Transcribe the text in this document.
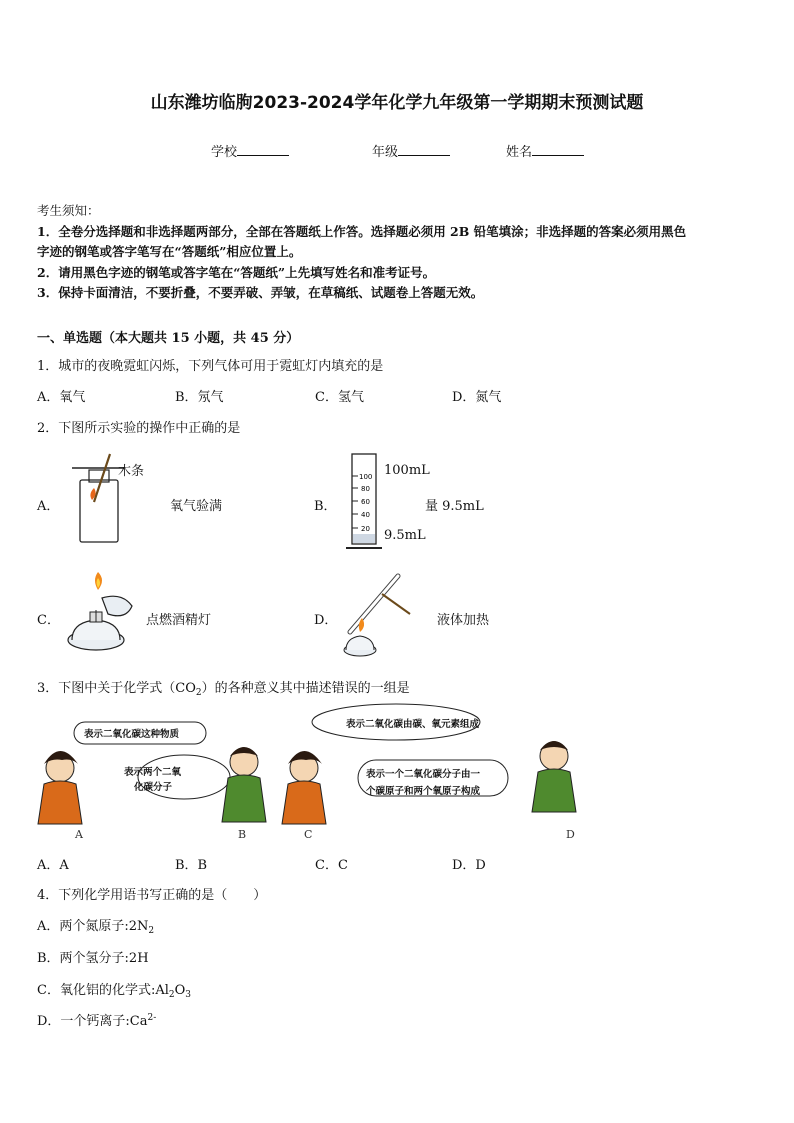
山东潍坊临朐2023-2024学年化学九年级第一学期期末预测试题
学校	年级	姓名

考生须知：

1．全卷分选择题和非选择题两部分，全部在答题纸上作答。选择题必须用 2B 铅笔填涂；非选择题的答案必须用黑色

字迹的钢笔或答字笔写在“答题纸”相应位置上。

2．请用黑色字迹的钢笔或答字笔在“答题纸”上先填写姓名和准考证号。

3．保持卡面清洁，不要折叠，不要弄破、弄皱，在草稿纸、试题卷上答题无效。

一、单选题（本大题共 15 小题，共 45 分）
1．城市的夜晚霓虹闪烁，下列气体可用于霓虹灯内填充的是
A．氧气	B．氖气	C．氢气	D．氮气
2．下图所示实验的操作中正确的是
A．
木条
氧气验满	B．
100
80
60
40
20
100mL
量 9.5mL
9.5mL
C．	点燃酒精灯	D．	液体加热
3．下图中关于化学式$(CO_2)$的各种意义其中描述错误的一组是
表示二氧化碳这种物质
表示两个二氧
化碳分子
表示二氧化碳由碳、氧元素组成
表示一个二氧化碳分子由一
个碳原子和两个氧原子构成
A	B	C	D
A．A	B．B	C．C	D．D
4．下列化学用语书写正确的是（　　）
A．两个氮原子$:2N_2$
B．两个氢分子:2H
C．氧化铝的化学式$:Al_2O_3$
D．一个钙离子$:Ca^{2-}$
